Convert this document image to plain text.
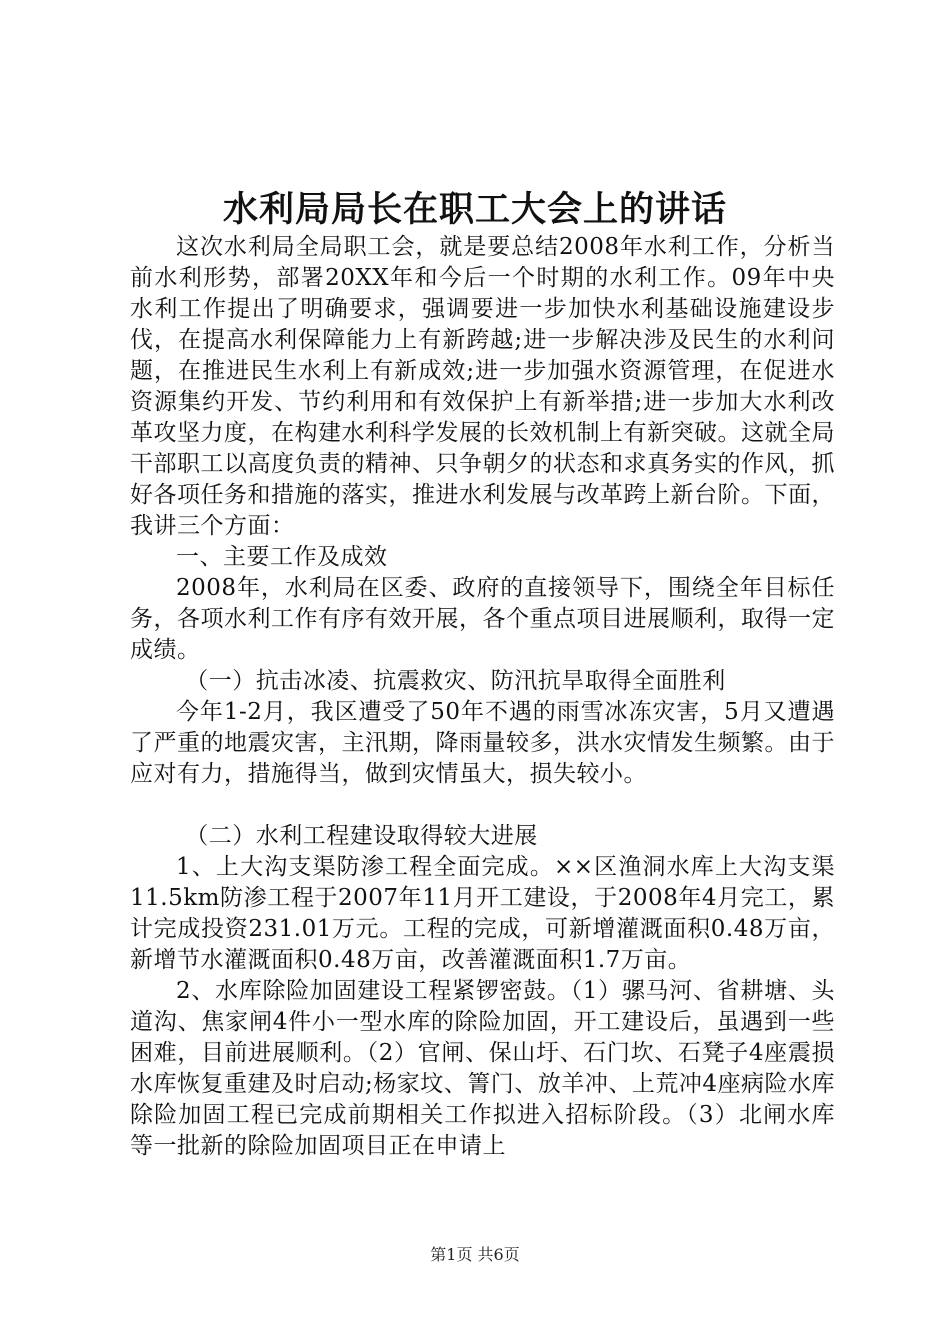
水利局局长在职工大会上的讲话

这次水利局全局职工会，就是要总结2008年水利工作，分析当前水利形势，部署20XX年和今后一个时期的水利工作。09年中央水利工作提出了明确要求，强调要进一步加快水利基础设施建设步伐，在提高水利保障能力上有新跨越;进一步解决涉及民生的水利问题，在推进民生水利上有新成效;进一步加强水资源管理，在促进水资源集约开发、节约利用和有效保护上有新举措;进一步加大水利改革攻坚力度，在构建水利科学发展的长效机制上有新突破。这就全局干部职工以高度负责的精神、只争朝夕的状态和求真务实的作风，抓好各项任务和措施的落实，推进水利发展与改革跨上新台阶。下面，我讲三个方面：

一、主要工作及成效

2008年，水利局在区委、政府的直接领导下，围绕全年目标任务，各项水利工作有序有效开展，各个重点项目进展顺利，取得一定成绩。

（一）抗击冰凌、抗震救灾、防汛抗旱取得全面胜利

今年1-2月，我区遭受了50年不遇的雨雪冰冻灾害，5月又遭遇了严重的地震灾害，主汛期，降雨量较多，洪水灾情发生频繁。由于应对有力，措施得当，做到灾情虽大，损失较小。

（二）水利工程建设取得较大进展

1、上大沟支渠防渗工程全面完成。××区渔洞水库上大沟支渠11.5km防渗工程于2007年11月开工建设，于2008年4月完工，累计完成投资231.01万元。工程的完成，可新增灌溉面积0.48万亩，新增节水灌溉面积0.48万亩，改善灌溉面积1.7万亩。

2、水库除险加固建设工程紧锣密鼓。（1）骡马河、省耕塘、头道沟、焦家闸4件小一型水库的除险加固，开工建设后，虽遇到一些困难，目前进展顺利。（2）官闸、保山圩、石门坎、石凳子4座震损水库恢复重建及时启动;杨家坟、箐门、放羊冲、上荒冲4座病险水库除险加固工程已完成前期相关工作拟进入招标阶段。（3）北闸水库等一批新的除险加固项目正在申请上

第1页 共6页
